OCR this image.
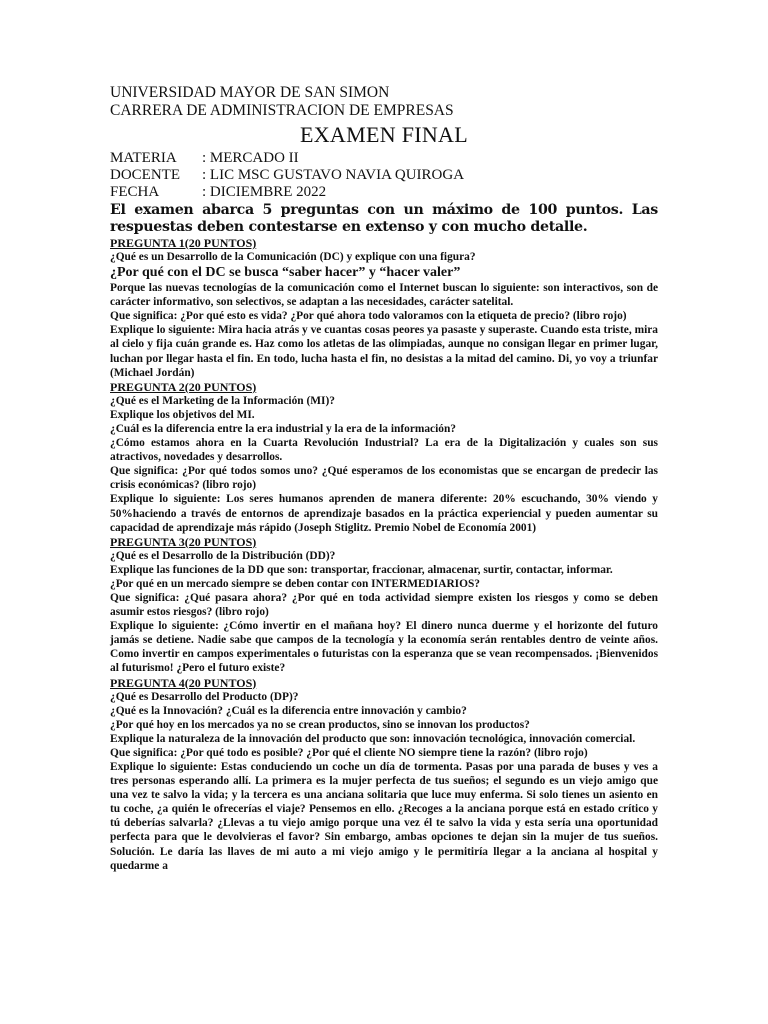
UNIVERSIDAD MAYOR DE SAN SIMON

CARRERA DE ADMINISTRACION DE EMPRESAS

EXAMEN FINAL

MATERIA	: MERCADO II
DOCENTE	: LIC MSC GUSTAVO NAVIA QUIROGA
FECHA	: DICIEMBRE 2022

El examen abarca 5 preguntas con un máximo de 100 puntos. Las respuestas deben contestarse en extenso y con mucho detalle.

PREGUNTA 1(20 PUNTOS)

¿Qué es un Desarrollo de la Comunicación (DC) y explique con una figura?

¿Por qué con el DC se busca “saber hacer” y “hacer valer”

Porque las nuevas tecnologías de la comunicación como el Internet buscan lo siguiente: son interactivos, son de carácter informativo, son selectivos, se adaptan a las necesidades, carácter satelital.

Que significa: ¿Por qué esto es vida? ¿Por qué ahora todo valoramos con la etiqueta de precio? (libro rojo)

Explique lo siguiente: Mira hacia atrás y ve cuantas cosas peores ya pasaste y superaste. Cuando esta triste, mira al cielo y fija cuán grande es. Haz como los atletas de las olimpiadas, aunque no consigan llegar en primer lugar, luchan por llegar hasta el fin. En todo, lucha hasta el fin, no desistas a la mitad del camino. Di, yo voy a triunfar (Michael Jordán)

PREGUNTA 2(20 PUNTOS)

¿Qué es el Marketing de la Información (MI)?

Explique los objetivos del MI.

¿Cuál es la diferencia entre la era industrial y la era de la información?

¿Cómo estamos ahora en la Cuarta Revolución Industrial? La era de la Digitalización y cuales son sus atractivos, novedades y desarrollos.

Que significa: ¿Por qué todos somos uno? ¿Qué esperamos de los economistas que se encargan de predecir las crisis económicas? (libro rojo)

Explique lo siguiente: Los seres humanos aprenden de manera diferente: 20% escuchando, 30% viendo y 50%haciendo a través de entornos de aprendizaje basados en la práctica experiencial y pueden aumentar su capacidad de aprendizaje más rápido (Joseph Stiglitz. Premio Nobel de Economía 2001)

PREGUNTA 3(20 PUNTOS)

¿Qué es el Desarrollo de la Distribución (DD)?

Explique las funciones de la DD que son: transportar, fraccionar, almacenar, surtir, contactar, informar.

¿Por qué en un mercado siempre se deben contar con INTERMEDIARIOS?

Que significa: ¿Qué pasara ahora? ¿Por qué en toda actividad siempre existen los riesgos y como se deben asumir estos riesgos? (libro rojo)

Explique lo siguiente: ¿Cómo invertir en el mañana hoy? El dinero nunca duerme y el horizonte del futuro jamás se detiene. Nadie sabe que campos de la tecnología y la economía serán rentables dentro de veinte años. Como invertir en campos experimentales o futuristas con la esperanza que se vean recompensados. ¡Bienvenidos al futurismo! ¿Pero el futuro existe?

PREGUNTA 4(20 PUNTOS)

¿Qué es Desarrollo del Producto (DP)?

¿Qué es la Innovación? ¿Cuál es la diferencia entre innovación y cambio?

¿Por qué hoy en los mercados ya no se crean productos, sino se innovan los productos?

Explique la naturaleza de la innovación del producto que son: innovación tecnológica, innovación comercial.

Que significa: ¿Por qué todo es posible? ¿Por qué el cliente NO siempre tiene la razón? (libro rojo)

Explique lo siguiente: Estas conduciendo un coche un día de tormenta. Pasas por una parada de buses y ves a tres personas esperando allí. La primera es la mujer perfecta de tus sueños; el segundo es un viejo amigo que una vez te salvo la vida; y la tercera es una anciana solitaria que luce muy enferma. Si solo tienes un asiento en tu coche, ¿a quién le ofrecerías el viaje? Pensemos en ello. ¿Recoges a la anciana porque está en estado crítico y tú deberías salvarla? ¿Llevas a tu viejo amigo porque una vez él te salvo la vida y esta sería una oportunidad perfecta para que le devolvieras el favor? Sin embargo, ambas opciones te dejan sin la mujer de tus sueños. Solución. Le daría las llaves de mi auto a mi viejo amigo y le permitiría llegar a la anciana al hospital y quedarme a
